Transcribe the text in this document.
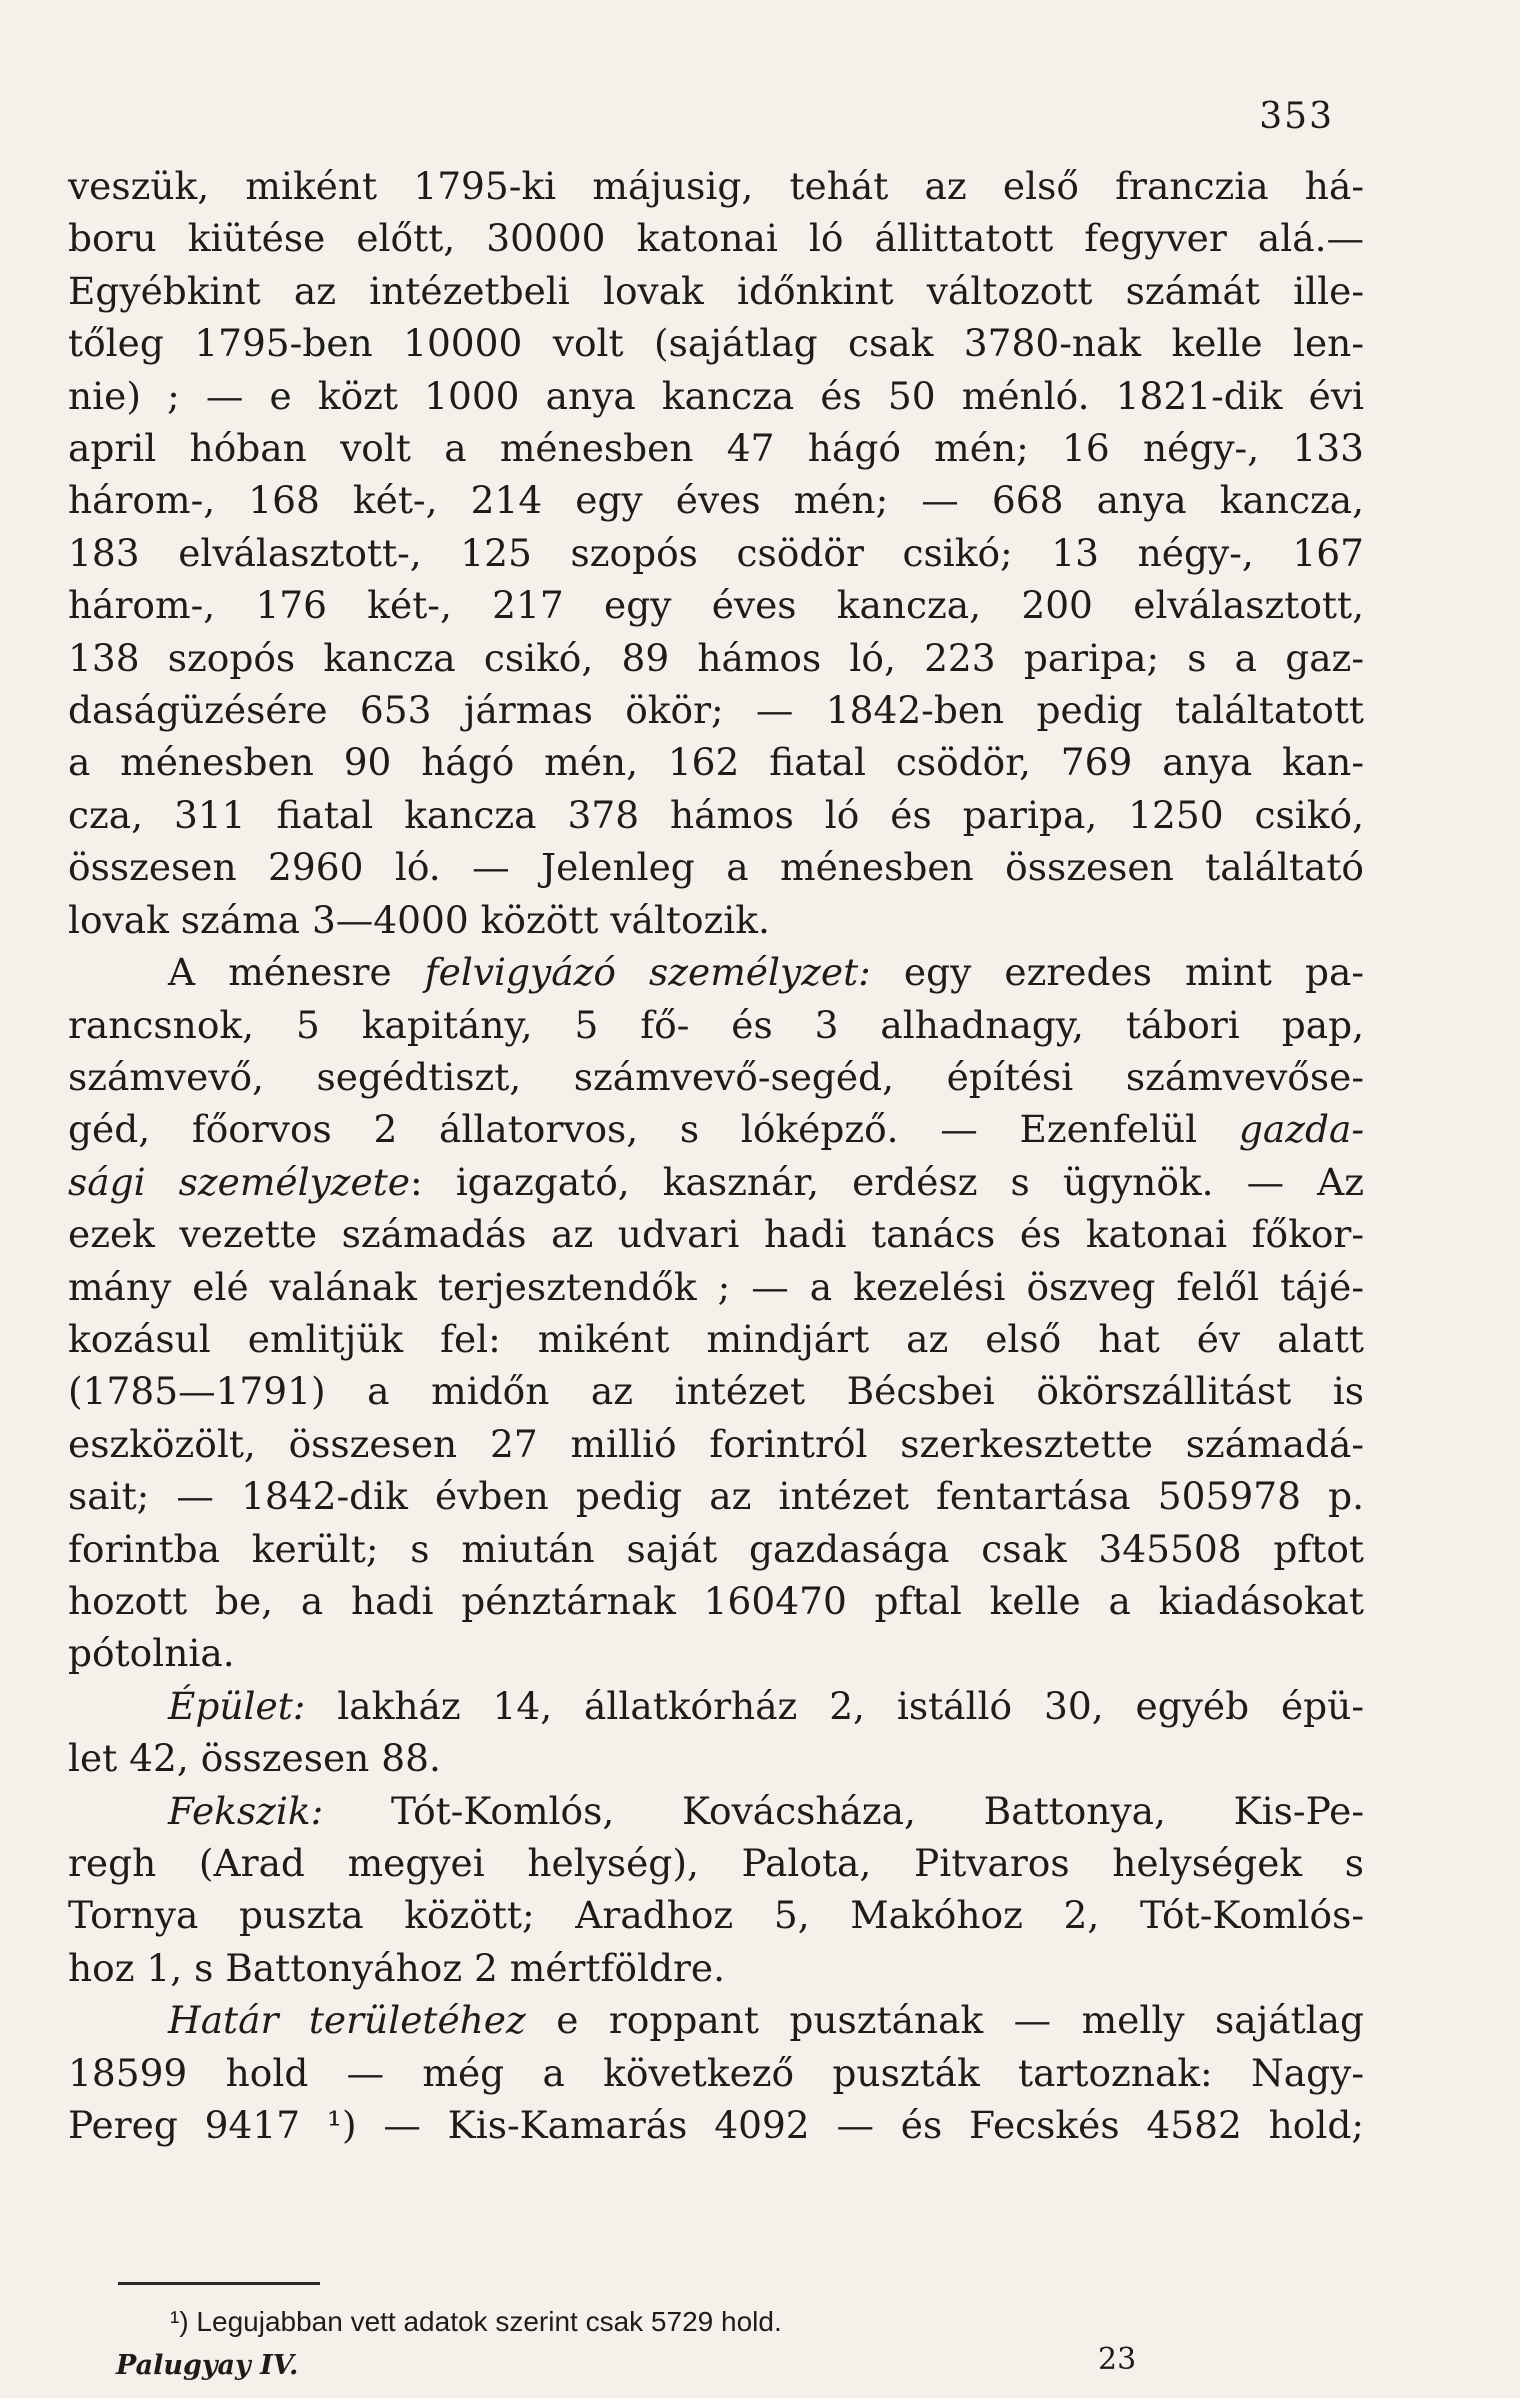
353
veszük, miként 1795-ki májusig, tehát az első franczia há-
boru kiütése előtt, 30000 katonai ló állittatott fegyver alá.—
Egyébkint az intézetbeli lovak időnkint változott számát ille-
tőleg 1795-ben 10000 volt (sajátlag csak 3780-nak kelle len-
nie) ; — e közt 1000 anya kancza és 50 ménló. 1821-dik évi
april hóban volt a ménesben 47 hágó mén; 16 négy-, 133
három-, 168 két-, 214 egy éves mén; — 668 anya kancza,
183 elválasztott-, 125 szopós csödör csikó; 13 négy-, 167
három-, 176 két-, 217 egy éves kancza, 200 elválasztott,
138 szopós kancza csikó, 89 hámos ló, 223 paripa; s a gaz-
daságüzésére 653 jármas ökör; — 1842-ben pedig találtatott
a ménesben 90 hágó mén, 162 fiatal csödör, 769 anya kan-
cza, 311 fiatal kancza 378 hámos ló és paripa, 1250 csikó,
összesen 2960 ló. — Jelenleg a ménesben összesen találtató
lovak száma 3—4000 között változik.
A ménesre felvigyázó személyzet: egy ezredes mint pa-
rancsnok, 5 kapitány, 5 fő- és 3 alhadnagy, tábori pap,
számvevő, segédtiszt, számvevő-segéd, építési számvevőse-
géd, főorvos 2 állatorvos, s lóképző. — Ezenfelül gazda-
sági személyzete: igazgató, kasznár, erdész s ügynök. — Az
ezek vezette számadás az udvari hadi tanács és katonai főkor-
mány elé valának terjesztendők ; — a kezelési öszveg felől tájé-
kozásul emlitjük fel: miként mindjárt az első hat év alatt
(1785—1791) a midőn az intézet Bécsbei ökörszállitást is
eszközölt, összesen 27 millió forintról szerkesztette számadá-
sait; — 1842-dik évben pedig az intézet fentartása 505978 p.
forintba került; s miután saját gazdasága csak 345508 pftot
hozott be, a hadi pénztárnak 160470 pftal kelle a kiadásokat
pótolnia.
Épület: lakház 14, állatkórház 2, istálló 30, egyéb épü-
let 42, összesen 88.
Fekszik: Tót-Komlós, Kovácsháza, Battonya, Kis-Pe-
regh (Arad megyei helység), Palota, Pitvaros helységek s
Tornya puszta között; Aradhoz 5, Makóhoz 2, Tót-Komlós-
hoz 1, s Battonyához 2 mértföldre.
Határ területéhez e roppant pusztának — melly sajátlag
18599 hold — még a következő puszták tartoznak: Nagy-
Pereg 9417 ¹) — Kis-Kamarás 4092 — és Fecskés 4582 hold;
¹) Legujabban vett adatok szerint csak 5729 hold.
Palugyay IV.	23
